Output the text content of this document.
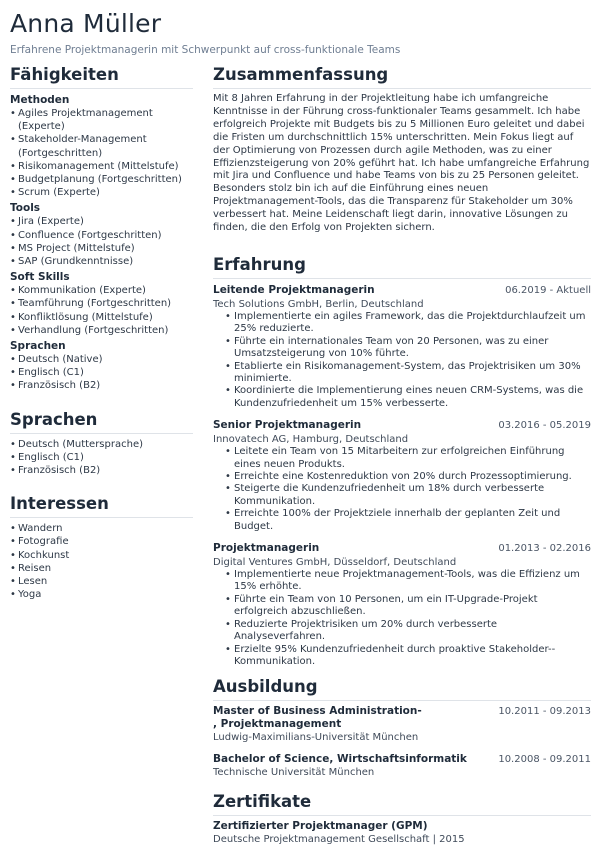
Anna Müller
Erfahrene Projektmanagerin mit Schwerpunkt auf cross-funktionale Teams
Fähigkeiten
Methoden
• Agiles Projektmanagement (Experte)
• Stakeholder-Management (Fortgeschritten)
• Risikomanagement (Mittelstufe)
• Budgetplanung (Fortgeschritten)
• Scrum (Experte)
Tools
• Jira (Experte)
• Confluence (Fortgeschritten)
• MS Project (Mittelstufe)
• SAP (Grundkenntnisse)
Soft Skills
• Kommunikation (Experte)
• Teamführung (Fortgeschritten)
• Konfliktlösung (Mittelstufe)
• Verhandlung (Fortgeschritten)
Sprachen
• Deutsch (Native)
• Englisch (C1)
• Französisch (B2)
Sprachen
• Deutsch (Muttersprache)
• Englisch (C1)
• Französisch (B2)
Interessen
• Wandern
• Fotografie
• Kochkunst
• Reisen
• Lesen
• Yoga
Zusammenfassung

Mit 8 Jahren Erfahrung in der Projektleitung habe ich umfangreiche Kenntnisse in der Führung cross-funktionaler Teams gesammelt. Ich habe erfolgreich Projekte mit Budgets bis zu 5 Millionen Euro geleitet und dabei die Fristen um durchschnittlich 15% unterschritten. Mein Fokus liegt auf der Optimierung von Prozessen durch agile Methoden, was zu einer Effizienzsteigerung von 20% geführt hat. Ich habe umfangreiche Erfahrung mit Jira und Confluence und habe Teams von bis zu 25 Personen geleitet. Besonders stolz bin ich auf die Einführung eines neuen Projektmanagement-Tools, das die Transparenz für Stakeholder um 30% verbessert hat. Meine Leidenschaft liegt darin, innovative Lösungen zu finden, die den Erfolg von Projekten sichern.

Erfahrung
Leitende Projektmanagerin	06.2019 - Aktuell
Tech Solutions GmbH, Berlin, Deutschland
• Implementierte ein agiles Framework, das die Projektdurchlaufzeit um 25% reduzierte.
• Führte ein internationales Team von 20 Personen, was zu einer Umsatzsteigerung von 10% führte.
• Etablierte ein Risikomanagement-System, das Projektrisiken um 30% minimierte.
• Koordinierte die Implementierung eines neuen CRM-Systems, was die Kundenzufriedenheit um 15% verbesserte.
Senior Projektmanagerin	03.2016 - 05.2019
Innovatech AG, Hamburg, Deutschland
• Leitete ein Team von 15 Mitarbeitern zur erfolgreichen Einführung eines neuen Produkts.
• Erreichte eine Kostenreduktion von 20% durch Prozessoptimierung.
• Steigerte die Kundenzufriedenheit um 18% durch verbesserte Kommunikation.
• Erreichte 100% der Projektziele innerhalb der geplanten Zeit und Budget.
Projektmanagerin	01.2013 - 02.2016
Digital Ventures GmbH, Düsseldorf, Deutschland
• Implementierte neue Projektmanagement-Tools, was die Effizienz um 15% erhöhte.
• Führte ein Team von 10 Personen, um ein IT-Upgrade-Projekt erfolgreich abzuschließen.
• Reduzierte Projektrisiken um 20% durch verbesserte Analyseverfahren.
• Erzielte 95% Kundenzufriedenheit durch proaktive Stakeholder-- Kommunikation.
Ausbildung
Master of Business Administration- , Projektmanagement
10.2011 - 09.2013
Ludwig-Maximilians-Universität München
Bachelor of Science, Wirtschaftsinformatik	10.2008 - 09.2011
Technische Universität München
Zertifikate
Zertifizierter Projektmanager (GPM)
Deutsche Projektmanagement Gesellschaft | 2015
